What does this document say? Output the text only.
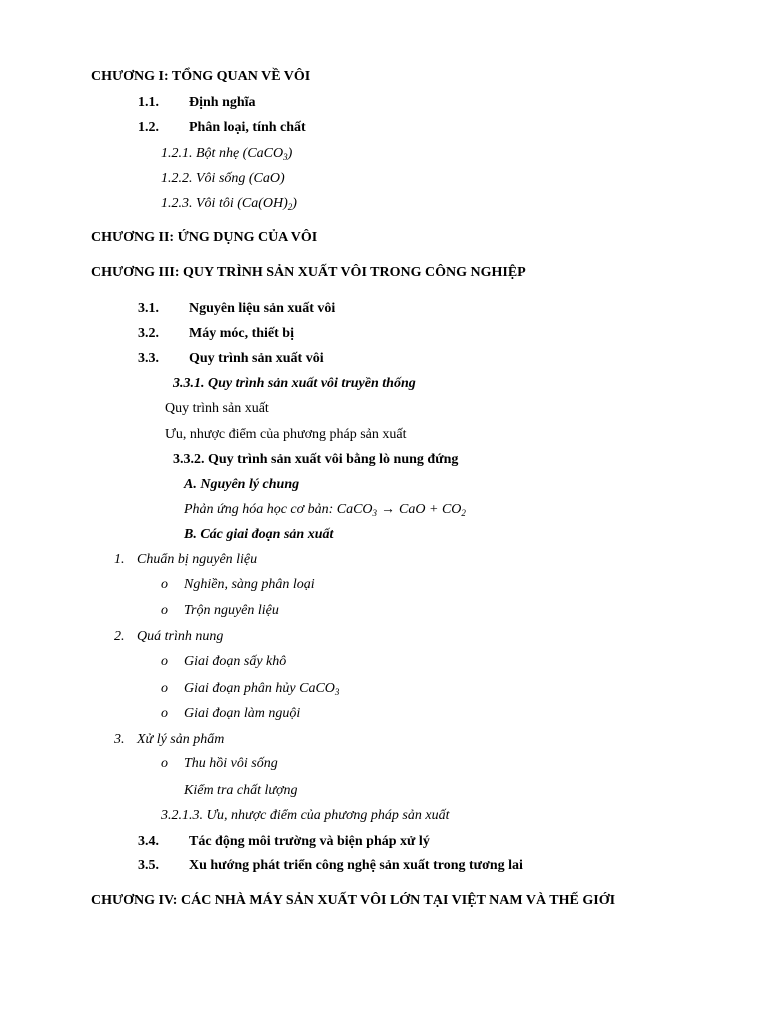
CHƯƠNG I: TỔNG QUAN VỀ VÔI
1.1. Định nghĩa
1.2. Phân loại, tính chất
1.2.1. Bột nhẹ (CaCO$_3$)
1.2.2. Vôi sống (CaO)
1.2.3. Vôi tôi $(Ca(OH)_2)$
CHƯƠNG II: ỨNG DỤNG CỦA VÔI
CHƯƠNG III: QUY TRÌNH SẢN XUẤT VÔI TRONG CÔNG NGHIỆP
3.1. Nguyên liệu sản xuất vôi
3.2. Máy móc, thiết bị
3.3. Quy trình sản xuất vôi
3.3.1. Quy trình sản xuất vôi truyền thống
Quy trình sản xuất
Ưu, nhược điểm của phương pháp sản xuất
3.3.2. Quy trình sản xuất vôi bằng lò nung đứng
A. Nguyên lý chung
Phản ứng hóa học cơ bản: CaCO$_3$ → CaO + $CO_2$
B. Các giai đoạn sản xuất
1. Chuẩn bị nguyên liệu
o Nghiền, sàng phân loại
o Trộn nguyên liệu
2. Quá trình nung
o Giai đoạn sấy khô
o Giai đoạn phân hủy CaCO$_3$
o Giai đoạn làm nguội
3. Xử lý sản phẩm
o Thu hồi vôi sống
Kiểm tra chất lượng
3.2.1.3. Ưu, nhược điểm của phương pháp sản xuất
3.4. Tác động môi trường và biện pháp xử lý
3.5. Xu hướng phát triển công nghệ sản xuất trong tương lai
CHƯƠNG IV: CÁC NHÀ MÁY SẢN XUẤT VÔI LỚN TẠI VIỆT NAM VÀ THẾ GIỚI
